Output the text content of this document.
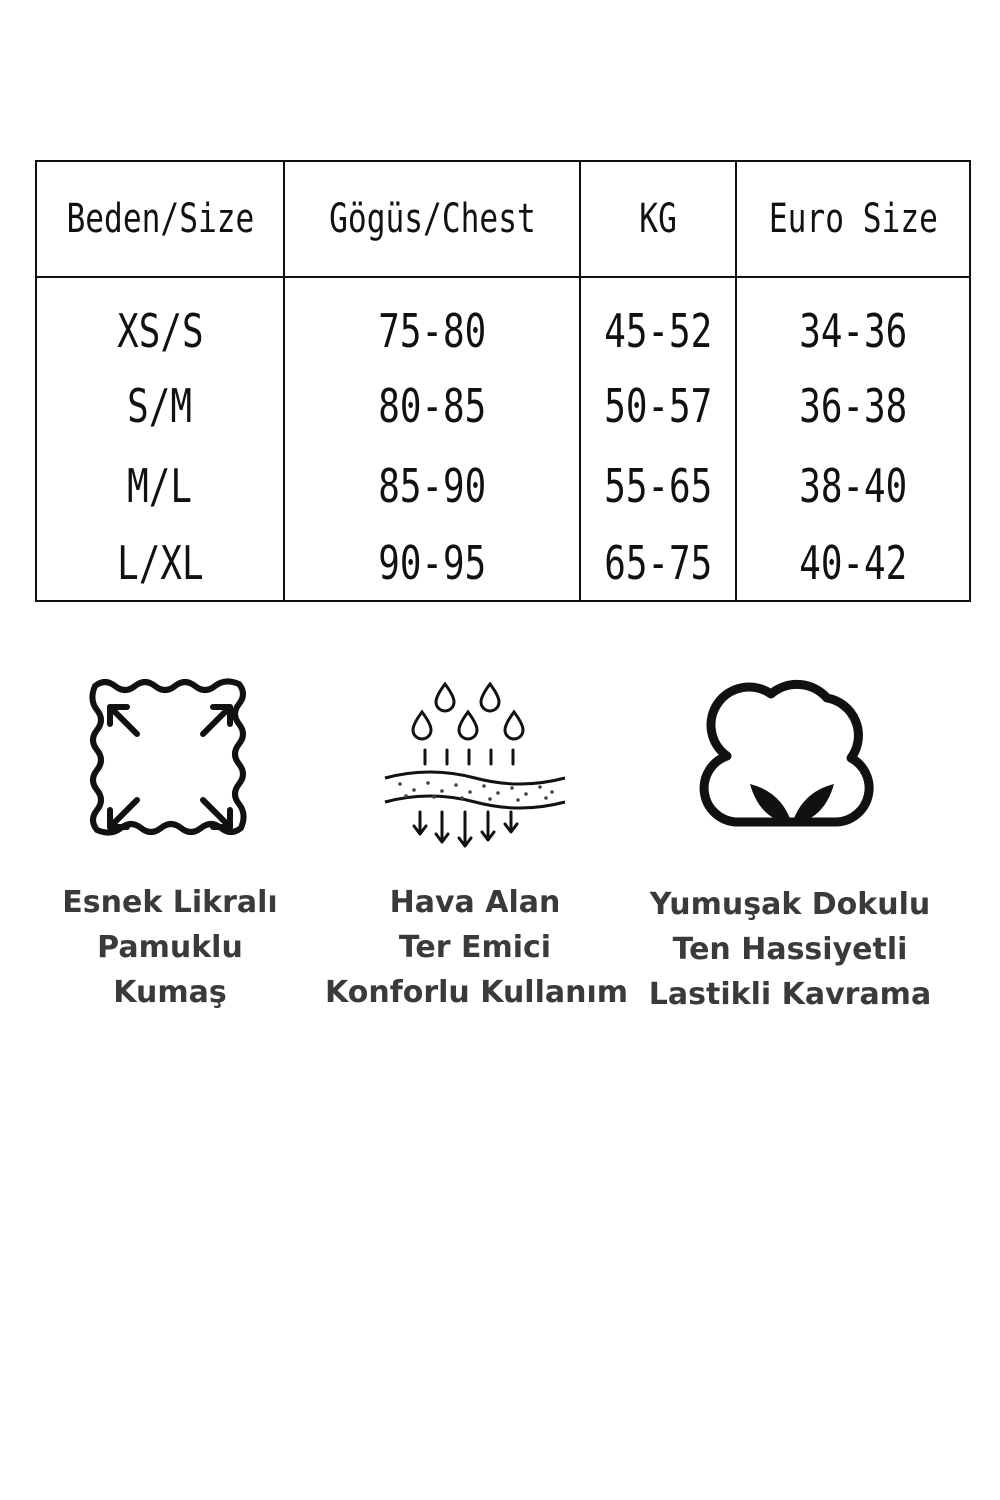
Beden/Size	Gögüs/Chest	KG	Euro Size
XS/S	75-80	45-52	34-36
S/M	80-85	50-57	36-38
M/L	85-90	55-65	38-40
L/XL	90-95	65-75	40-42
Esnek Likralı
Pamuklu
Kumaş
Hava Alan
Ter Emici
Konforlu Kullanım
Yumuşak Dokulu
Ten Hassiyetli
Lastikli Kavrama
